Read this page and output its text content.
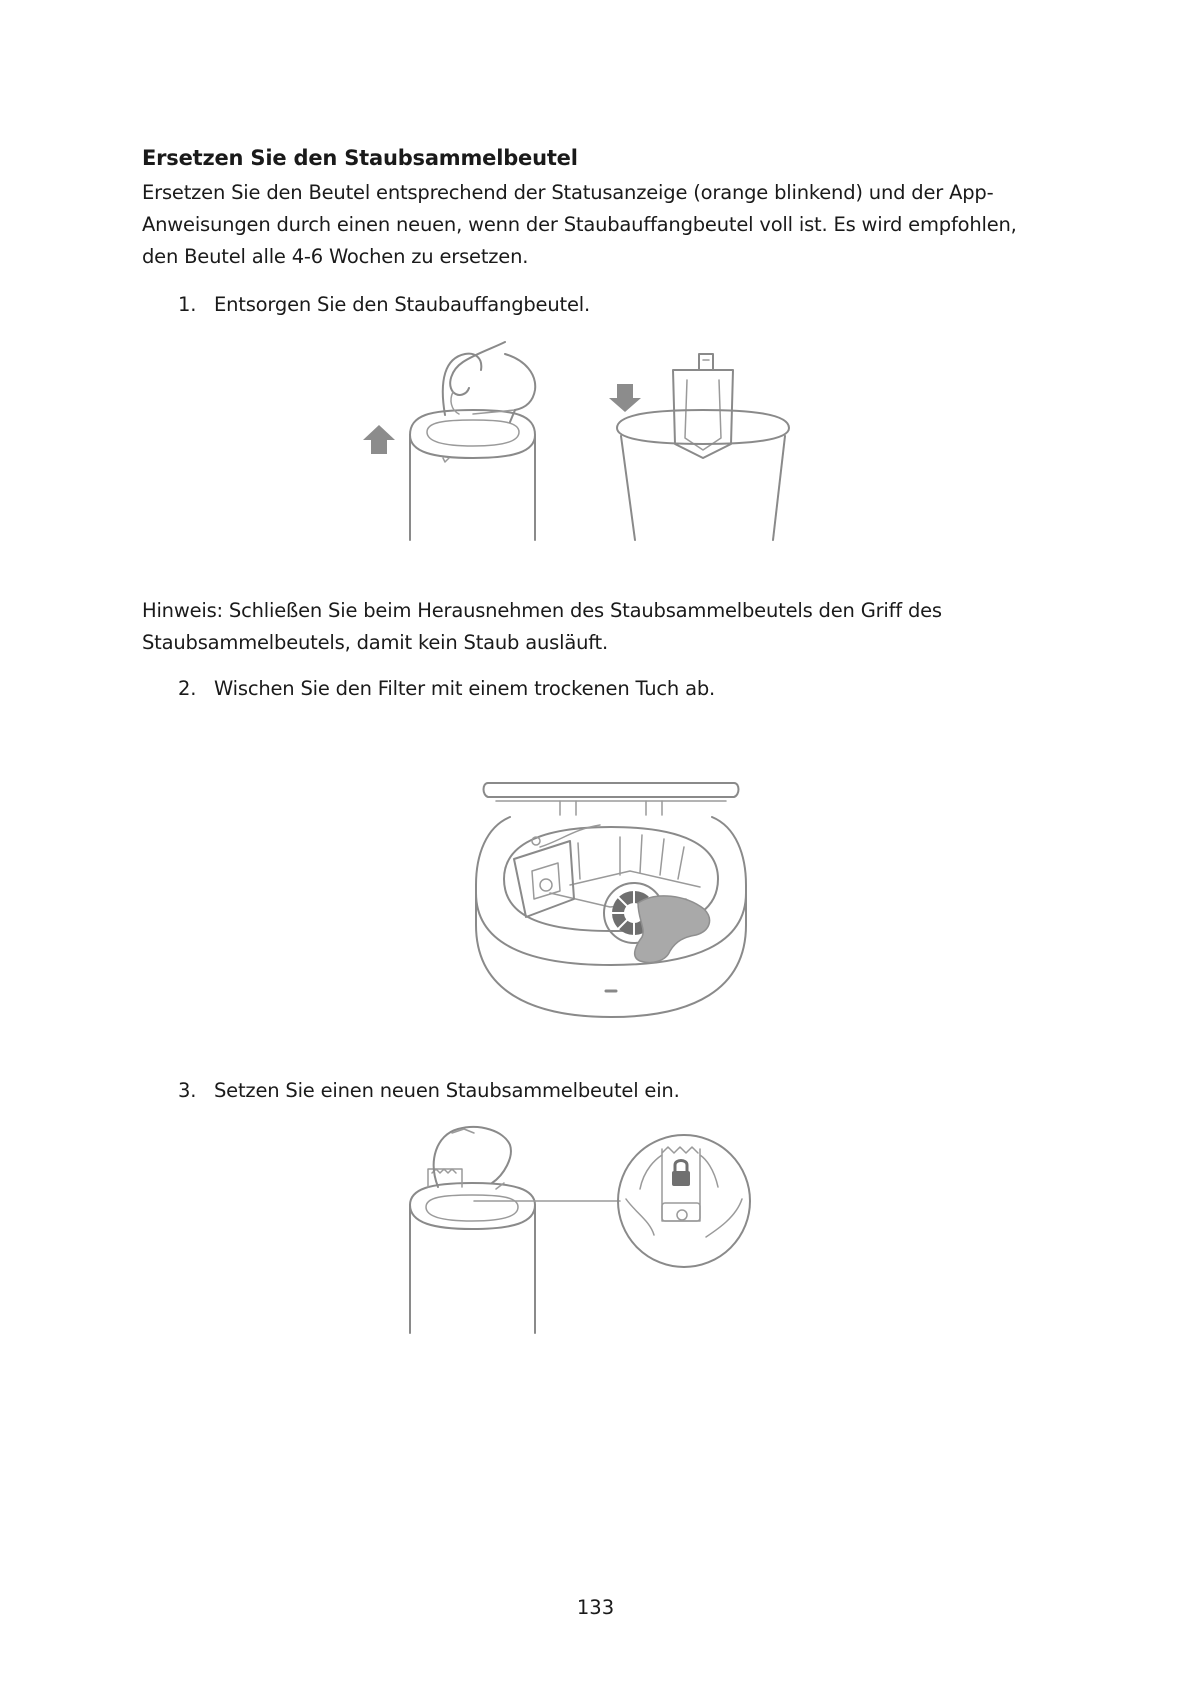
Ersetzen Sie den Staubsammelbeutel
Ersetzen Sie den Beutel entsprechend der Statusanzeige (orange blinkend) und der App-
Anweisungen durch einen neuen, wenn der Staubauffangbeutel voll ist. Es wird empfohlen,
den Beutel alle 4-6 Wochen zu ersetzen.
1. Entsorgen Sie den Staubauffangbeutel.
Hinweis: Schließen Sie beim Herausnehmen des Staubsammelbeutels den Griff des
Staubsammelbeutels, damit kein Staub ausläuft.
2. Wischen Sie den Filter mit einem trockenen Tuch ab.
3. Setzen Sie einen neuen Staubsammelbeutel ein.
133
